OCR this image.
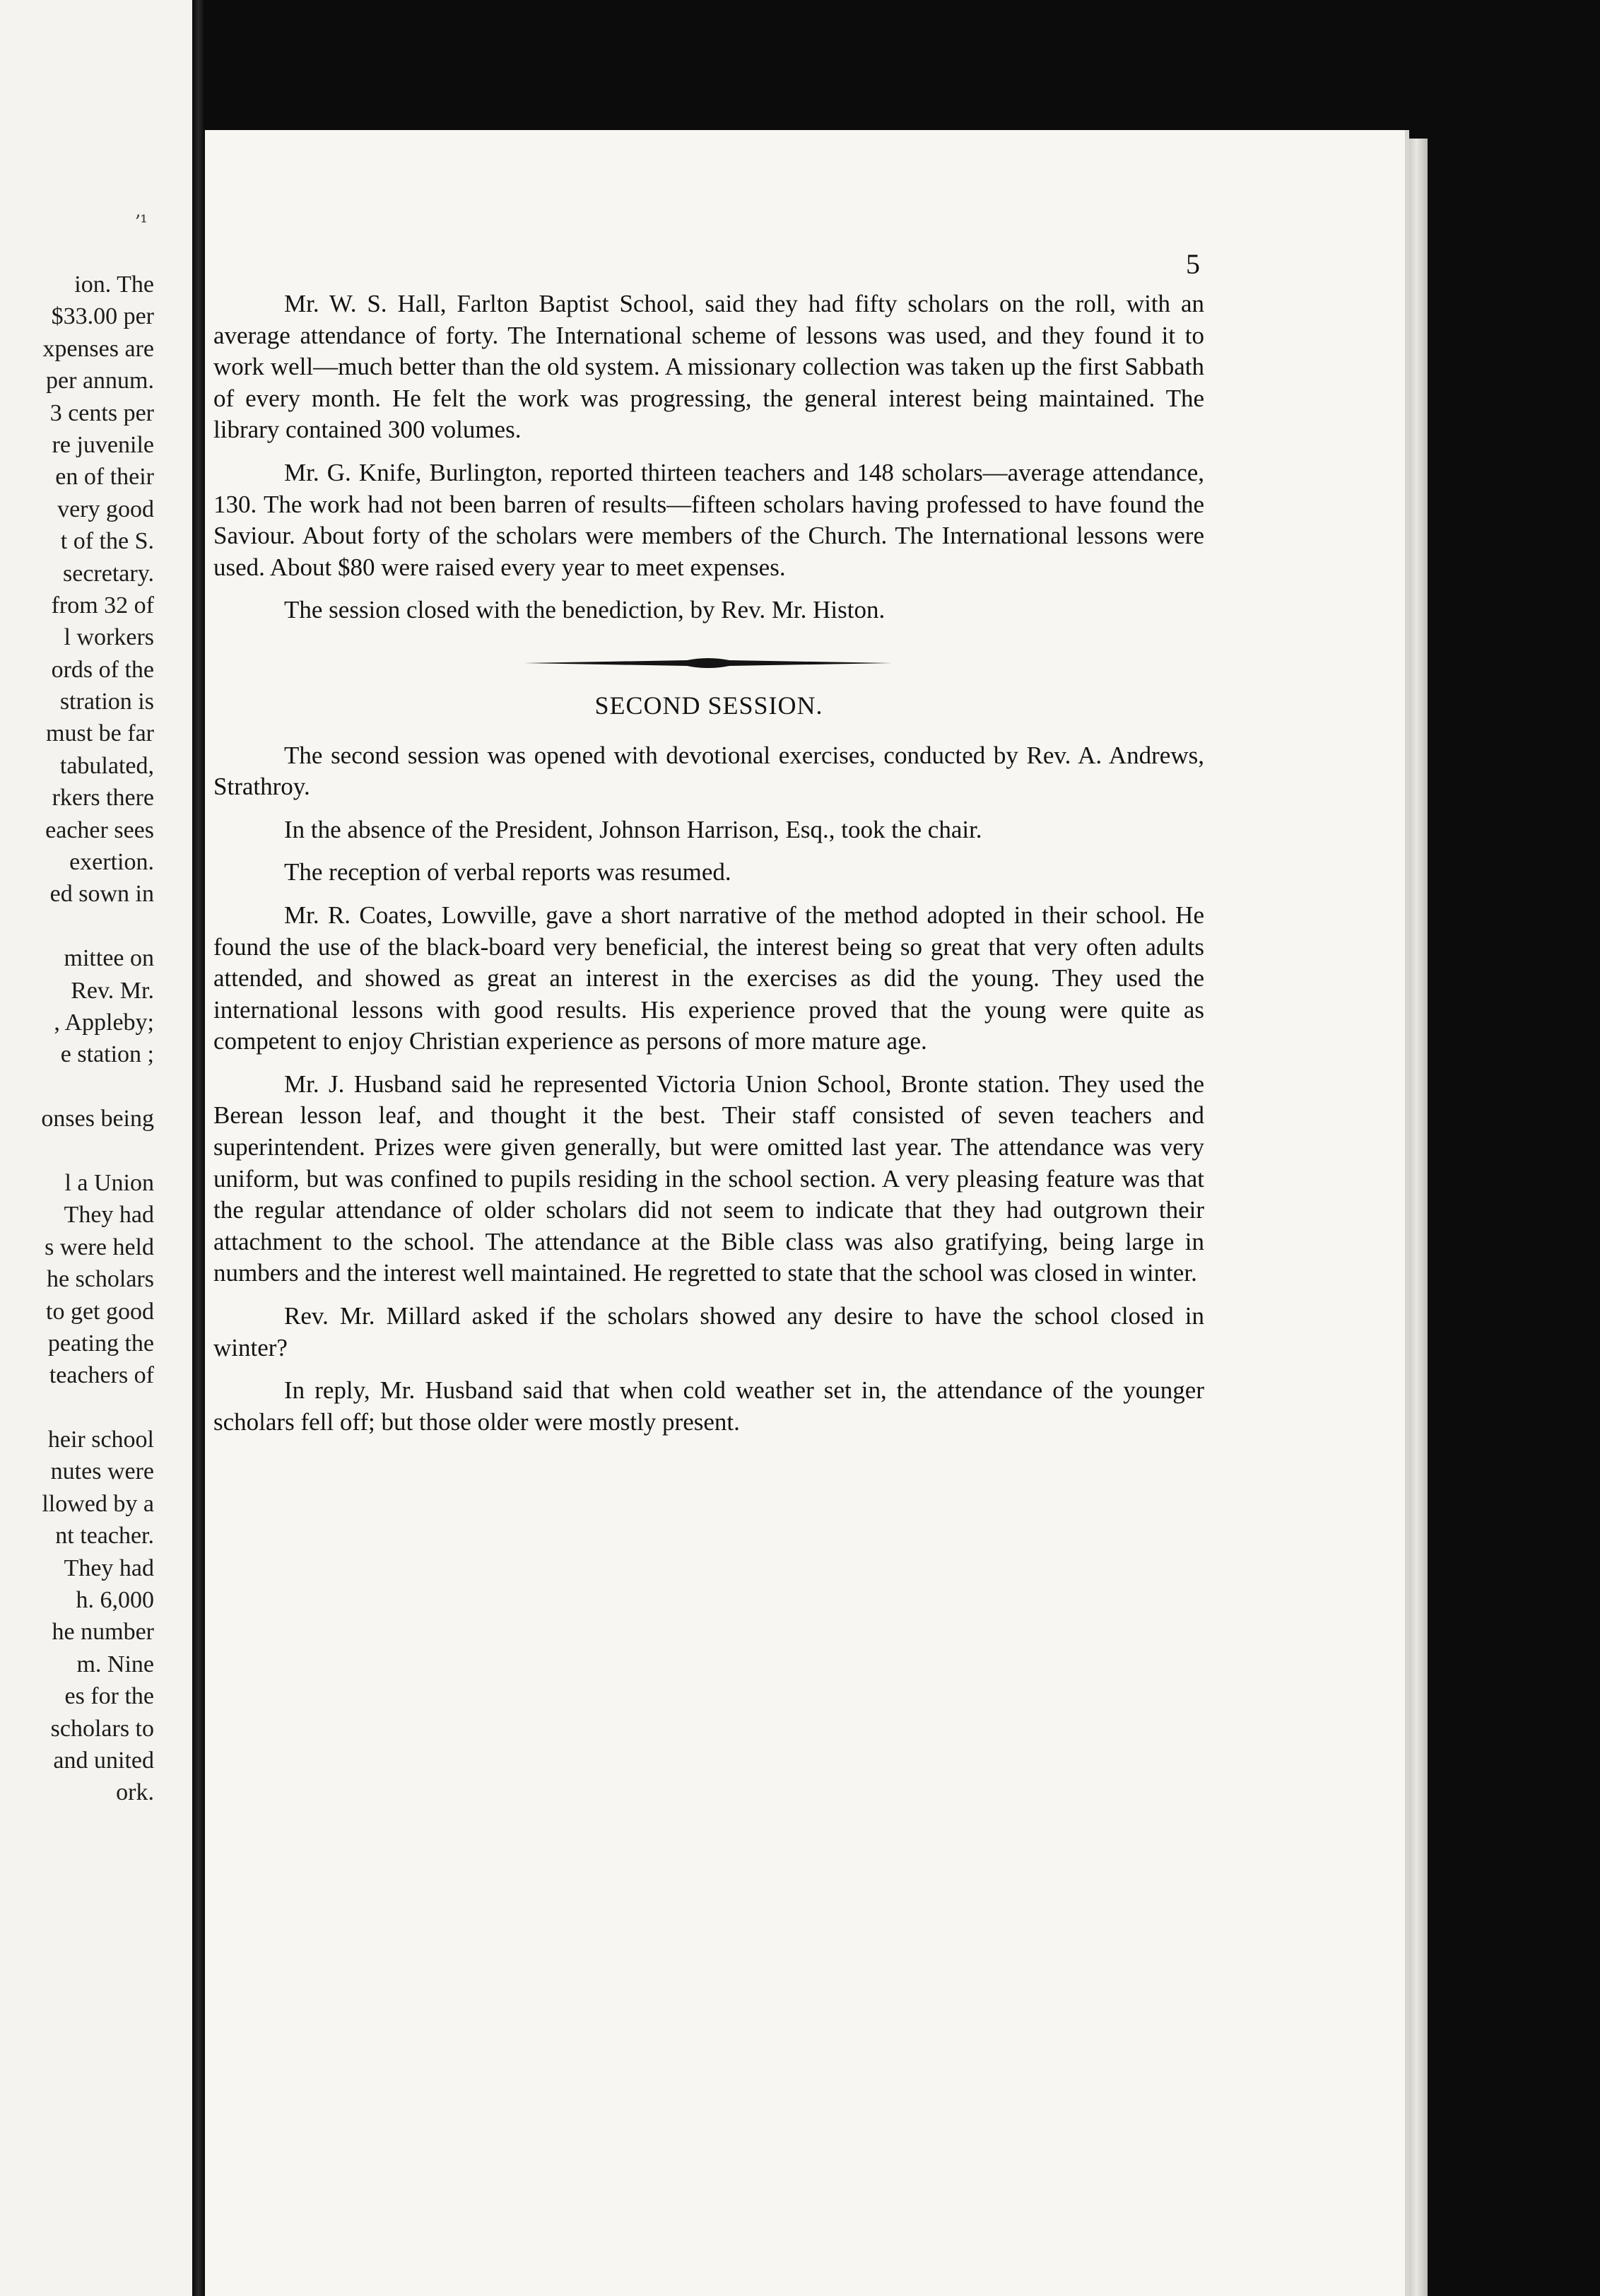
ʼ¹
ion. The
$33.00 per
xpenses are
per annum.
3 cents per
re juvenile
en of their
very good
t of the S.
secretary.
from 32 of
l workers
ords of the
stration is
must be far
tabulated,
rkers there
eacher sees
exertion.
ed sown in
mittee on
Rev. Mr.
, Appleby;
e station ;
onses being
l a Union
They had
s were held
he scholars
to get good
peating the
teachers of
heir school
nutes were
llowed by a
nt teacher.
They had
h. 6,000
he number
m. Nine
es for the
scholars to
and united
ork.
5

Mr. W. S. Hall, Farlton Baptist School, said they had fifty scholars on the roll, with an average attendance of forty. The International scheme of lessons was used, and they found it to work well—much better than the old system. A missionary collection was taken up the first Sabbath of every month. He felt the work was progressing, the general interest being maintained. The library contained 300 volumes.

Mr. G. Knife, Burlington, reported thirteen teachers and 148 scholars—average attendance, 130. The work had not been barren of results—fifteen scholars having professed to have found the Saviour. About forty of the scholars were members of the Church. The International lessons were used. About $80 were raised every year to meet expenses.

The session closed with the benediction, by Rev. Mr. Histon.

SECOND SESSION.

The second session was opened with devotional exercises, conducted by Rev. A. Andrews, Strathroy.

In the absence of the President, Johnson Harrison, Esq., took the chair.

The reception of verbal reports was resumed.

Mr. R. Coates, Lowville, gave a short narrative of the method adopted in their school. He found the use of the black-board very beneficial, the interest being so great that very often adults attended, and showed as great an interest in the exercises as did the young. They used the international lessons with good results. His experience proved that the young were quite as competent to enjoy Christian experience as persons of more mature age.

Mr. J. Husband said he represented Victoria Union School, Bronte station. They used the Berean lesson leaf, and thought it the best. Their staff consisted of seven teachers and superintendent. Prizes were given generally, but were omitted last year. The attendance was very uniform, but was confined to pupils residing in the school section. A very pleasing feature was that the regular attendance of older scholars did not seem to indicate that they had outgrown their attachment to the school. The attendance at the Bible class was also gratifying, being large in numbers and the interest well maintained. He regretted to state that the school was closed in winter.

Rev. Mr. Millard asked if the scholars showed any desire to have the school closed in winter?

In reply, Mr. Husband said that when cold weather set in, the attendance of the younger scholars fell off; but those older were mostly present.
